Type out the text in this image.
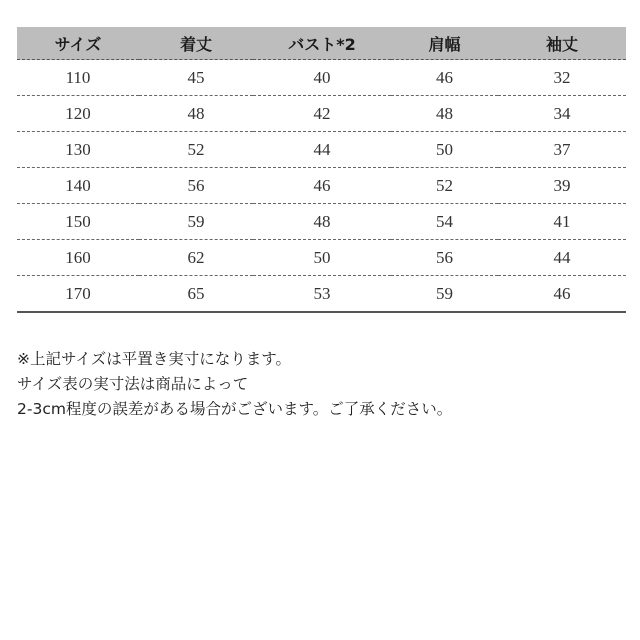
サイズ	着丈	バスト*2	肩幅	袖丈
110	45	40	46	32
120	48	42	48	34
130	52	44	50	37
140	56	46	52	39
150	59	48	54	41
160	62	50	56	44
170	65	53	59	46
※上記サイズは平置き実寸になります。
サイズ表の実寸法は商品によって
2-3cm程度の誤差がある場合がございます。ご了承ください。
